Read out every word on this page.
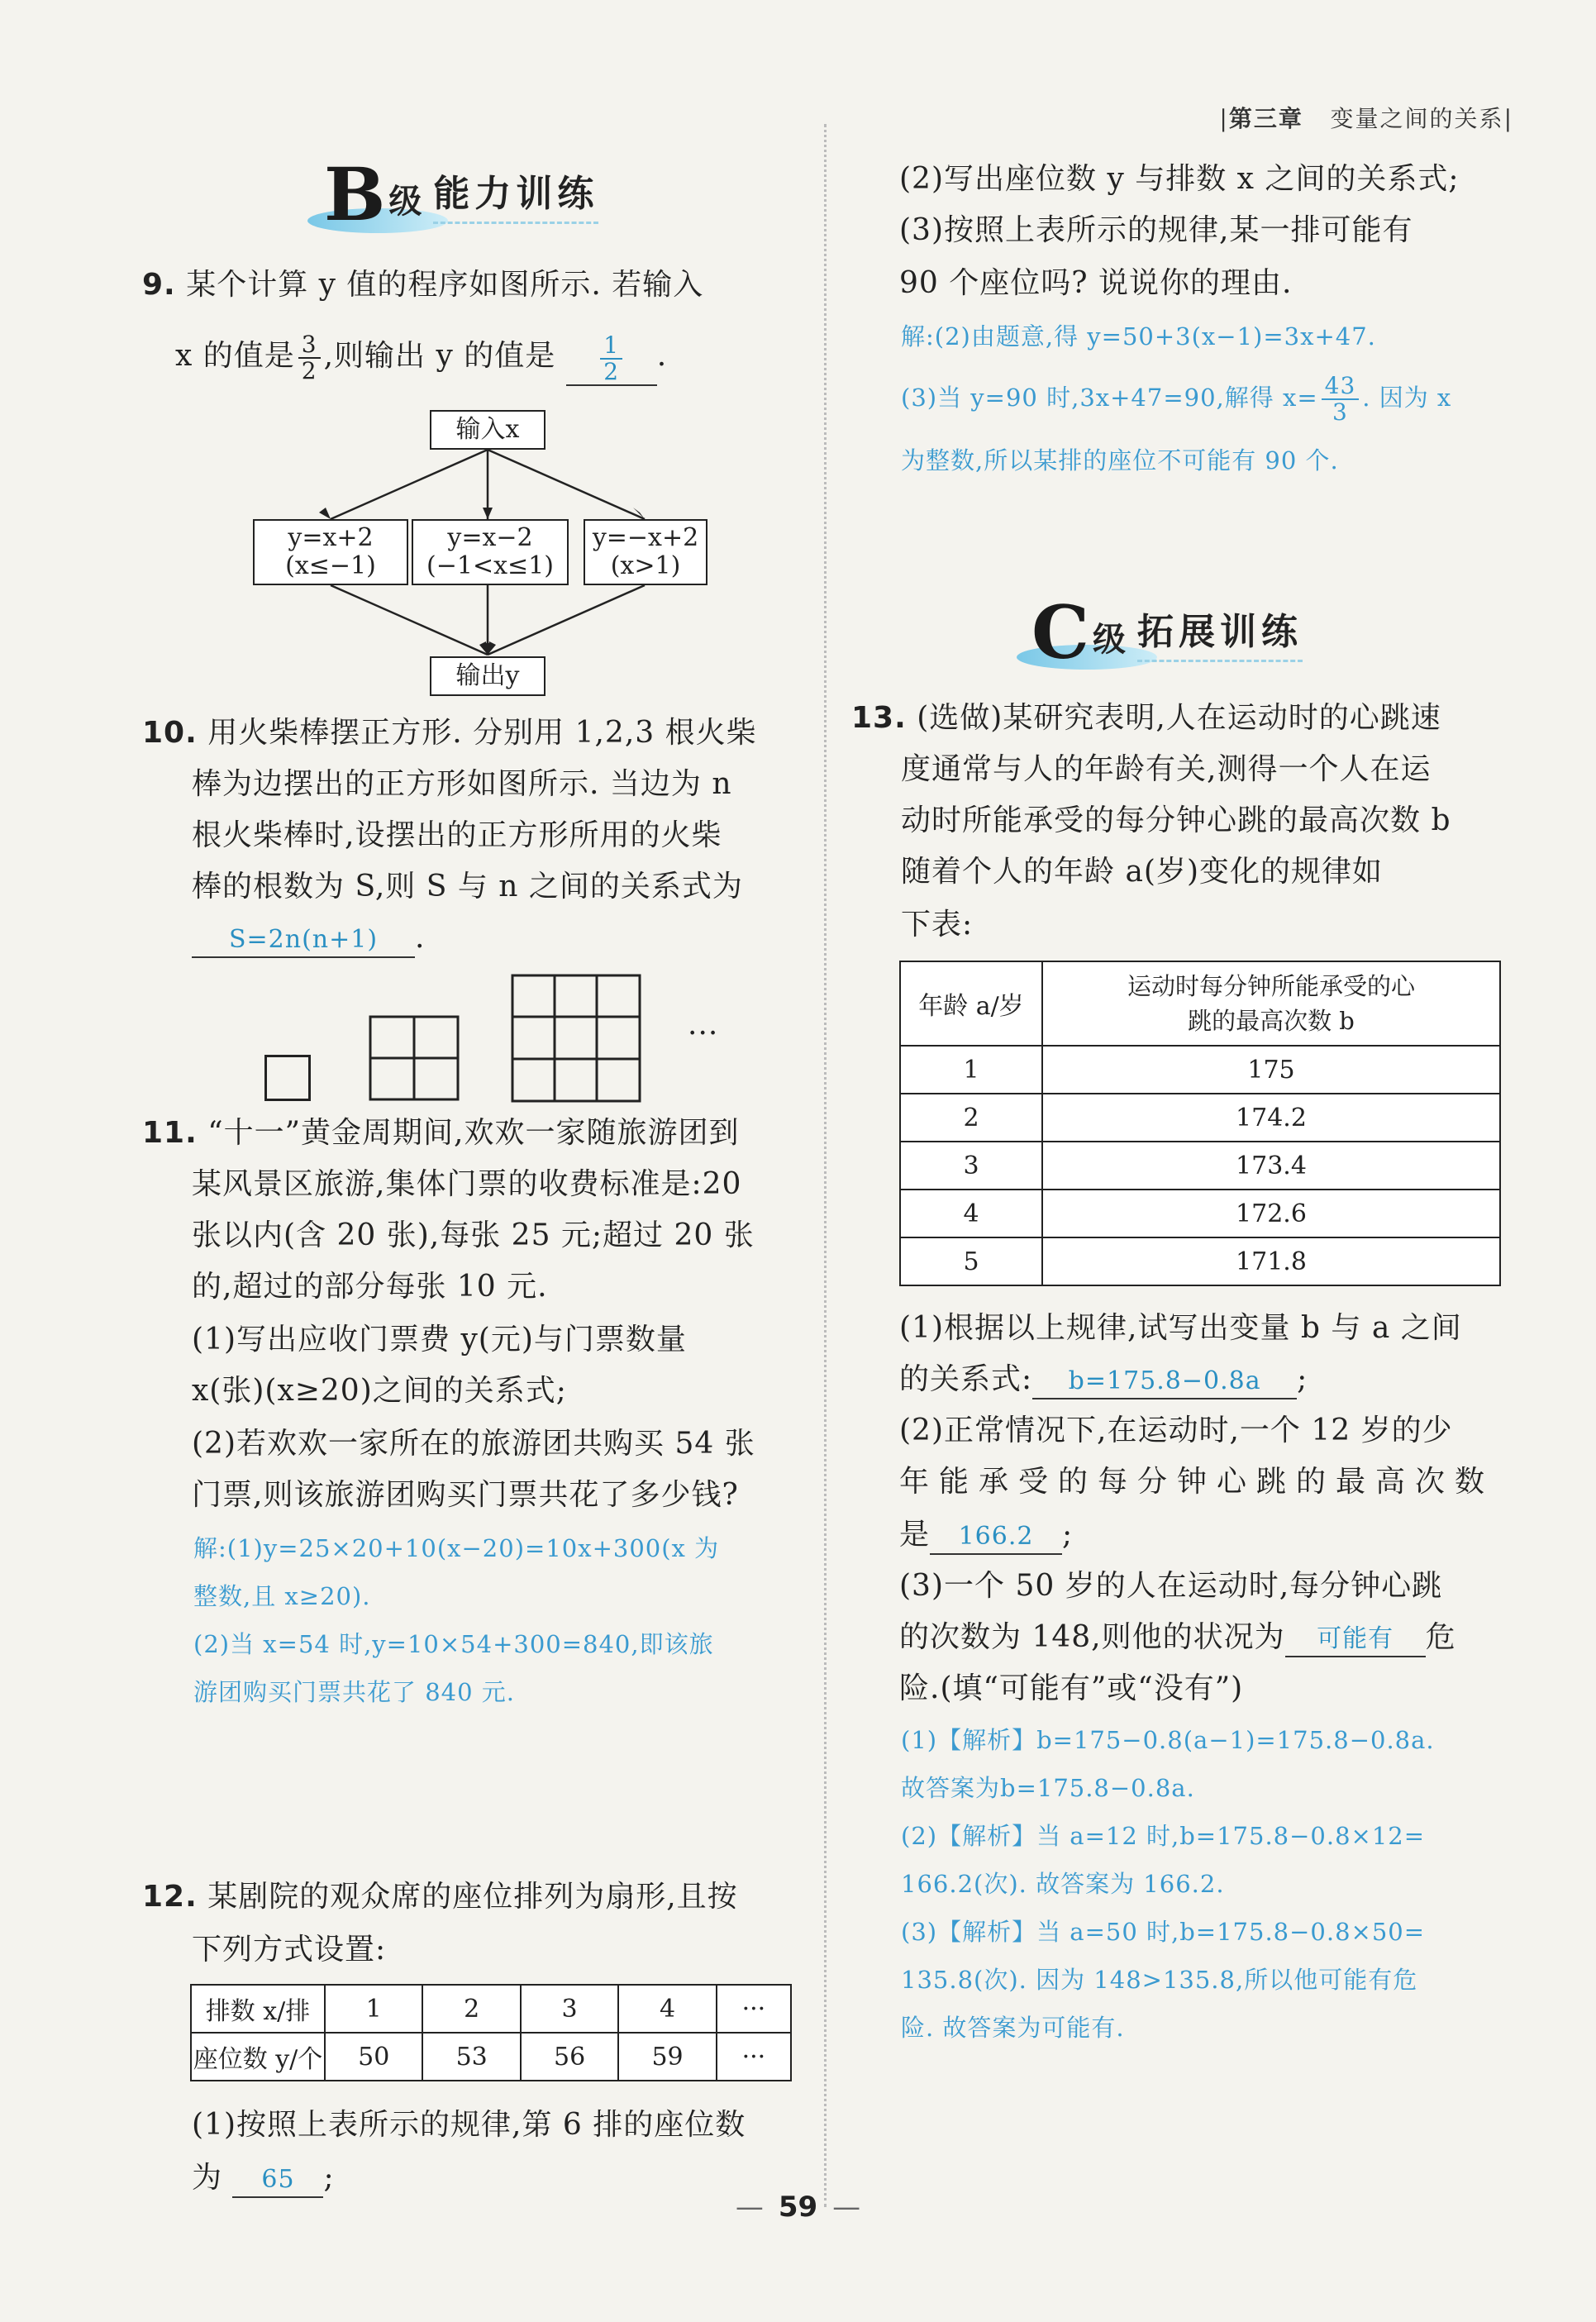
|第三章 变量之间的关系|
B 级 能力训练
9. 某个计算 y 值的程序如图所示. 若输入
x 的值是 $\frac{3}{2}$ ,则输出 y 的值是 $\frac{1}{2}$ .
输入x
y=x+2
(x≤−1)
y=x−2
(−1<x≤1)
y=−x+2
(x>1)
输出y
10. 用火柴棒摆正方形. 分别用 1,2,3 根火柴
棒为边摆出的正方形如图所示. 当边为 n
根火柴棒时,设摆出的正方形所用的火柴
棒的根数为 S,则 S 与 n 之间的关系式为
S=2n(n+1) .
···
11. “十一”黄金周期间,欢欢一家随旅游团到
某风景区旅游,集体门票的收费标准是:20
张以内(含 20 张),每张 25 元;超过 20 张
的,超过的部分每张 10 元.
(1)写出应收门票费 y(元)与门票数量
x(张)(x≥20)之间的关系式;
(2)若欢欢一家所在的旅游团共购买 54 张
门票,则该旅游团购买门票共花了多少钱?
解:(1)y=25×20+10(x−20)=10x+300(x 为
整数,且 x≥20).
(2)当 x=54 时,y=10×54+300=840,即该旅
游团购买门票共花了 840 元.
12. 某剧院的观众席的座位排列为扇形,且按
下列方式设置:
排数 x/排	1	2	3	4	···
座位数 y/个	50	53	56	59	···
(1)按照上表所示的规律,第 6 排的座位数
为 65 ;
(2)写出座位数 y 与排数 x 之间的关系式;
(3)按照上表所示的规律,某一排可能有
90 个座位吗? 说说你的理由.
解:(2)由题意,得 y=50+3(x−1)=3x+47.
(3)当 y=90 时,3x+47=90,解得 $x= \frac{43}{3}$ . 因为 x
为整数,所以某排的座位不可能有 90 个.
C 级 拓展训练
13. (选做)某研究表明,人在运动时的心跳速
度通常与人的年龄有关,测得一个人在运
动时所能承受的每分钟心跳的最高次数 b
随着个人的年龄 a(岁)变化的规律如
下表:
年龄 a/岁	运动时每分钟所能承受的心
跳的最高次数 b

1	175
2	174.2
3	173.4
4	172.6
5	171.8
(1)根据以上规律,试写出变量 b 与 a 之间
的关系式: b=175.8−0.8a ;
(2)正常情况下,在运动时,一个 12 岁的少
年能承受的每分钟心跳的最高次数
是 166.2 ;
(3)一个 50 岁的人在运动时,每分钟心跳
的次数为 148,则他的状况为 可能有 危
险.(填“可能有”或“没有”)
(1)【解析】b=175−0.8(a−1)=175.8−0.8a.
故答案为b=175.8−0.8a.
(2)【解析】当 a=12 时,b=175.8−0.8×12=
166.2(次). 故答案为 166.2.
(3)【解析】当 a=50 时,b=175.8−0.8×50=
135.8(次). 因为 148>135.8,所以他可能有危
险. 故答案为可能有.
— 59 —
